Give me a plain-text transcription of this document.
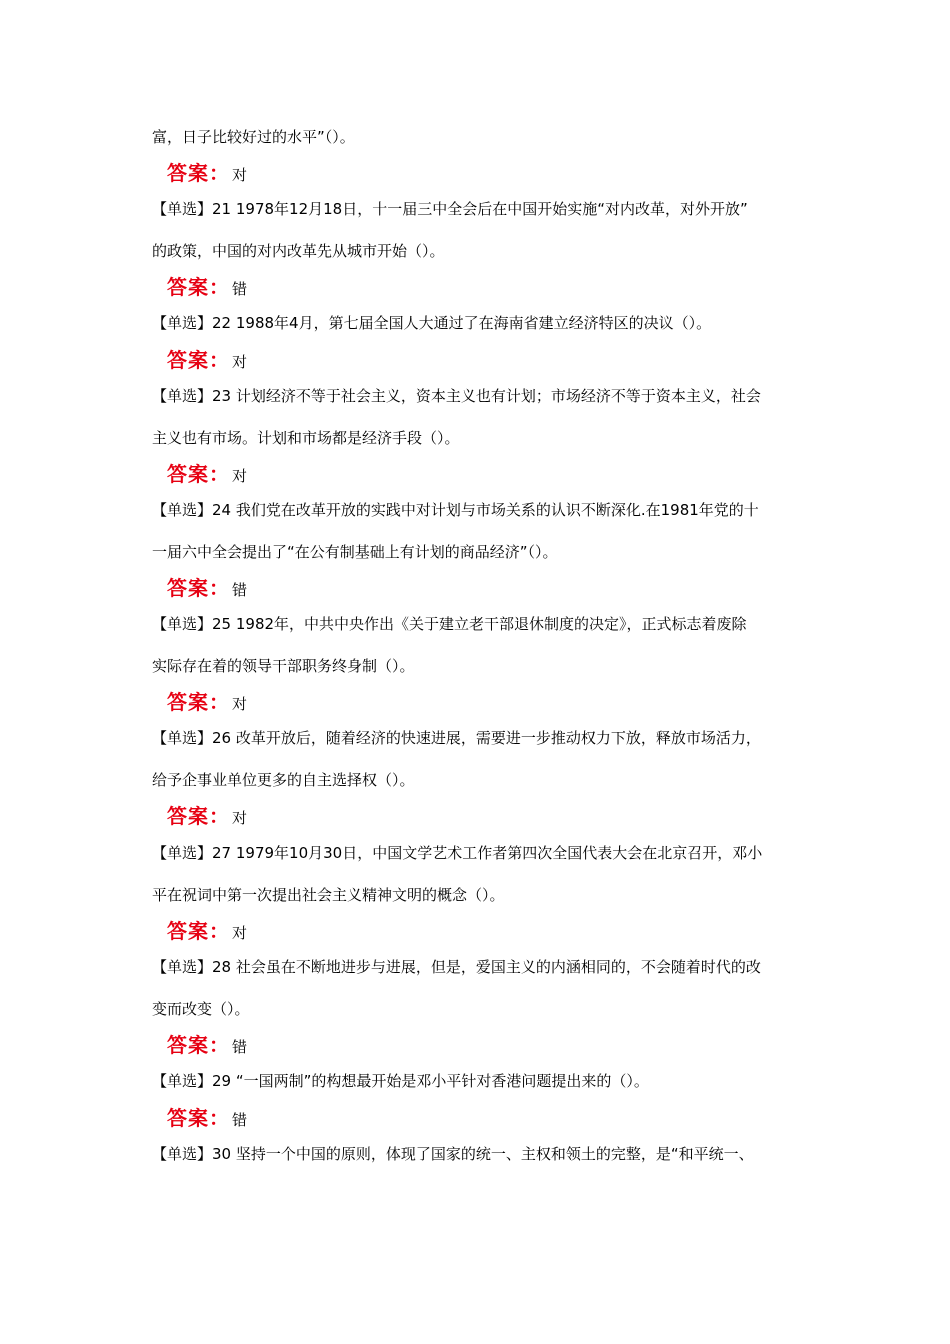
富，日子比较好过的水平”（）。
答案： 对
【单选】21 1978年12月18日，十一届三中全会后在中国开始实施“对内改革，对外开放”
的政策，中国的对内改革先从城市开始（）。
答案： 错
【单选】22 1988年4月，第七届全国人大通过了在海南省建立经济特区的决议（）。
答案： 对
【单选】23 计划经济不等于社会主义，资本主义也有计划；市场经济不等于资本主义，社会
主义也有市场。计划和市场都是经济手段（）。
答案： 对
【单选】24 我们党在改革开放的实践中对计划与市场关系的认识不断深化.在1981年党的十
一届六中全会提出了“在公有制基础上有计划的商品经济”（）。
答案： 错
【单选】25 1982年，中共中央作出《关于建立老干部退休制度的决定》，正式标志着废除
实际存在着的领导干部职务终身制（）。
答案： 对
【单选】26 改革开放后，随着经济的快速进展，需要进一步推动权力下放，释放市场活力，
给予企事业单位更多的自主选择权（）。
答案： 对
【单选】27 1979年10月30日，中国文学艺术工作者第四次全国代表大会在北京召开，邓小
平在祝词中第一次提出社会主义精神文明的概念（）。
答案： 对
【单选】28 社会虽在不断地进步与进展，但是，爱国主义的内涵相同的，不会随着时代的改
变而改变（）。
答案： 错
【单选】29 “一国两制”的构想最开始是邓小平针对香港问题提出来的（）。
答案： 错
【单选】30 坚持一个中国的原则，体现了国家的统一、主权和领土的完整，是“和平统一、
